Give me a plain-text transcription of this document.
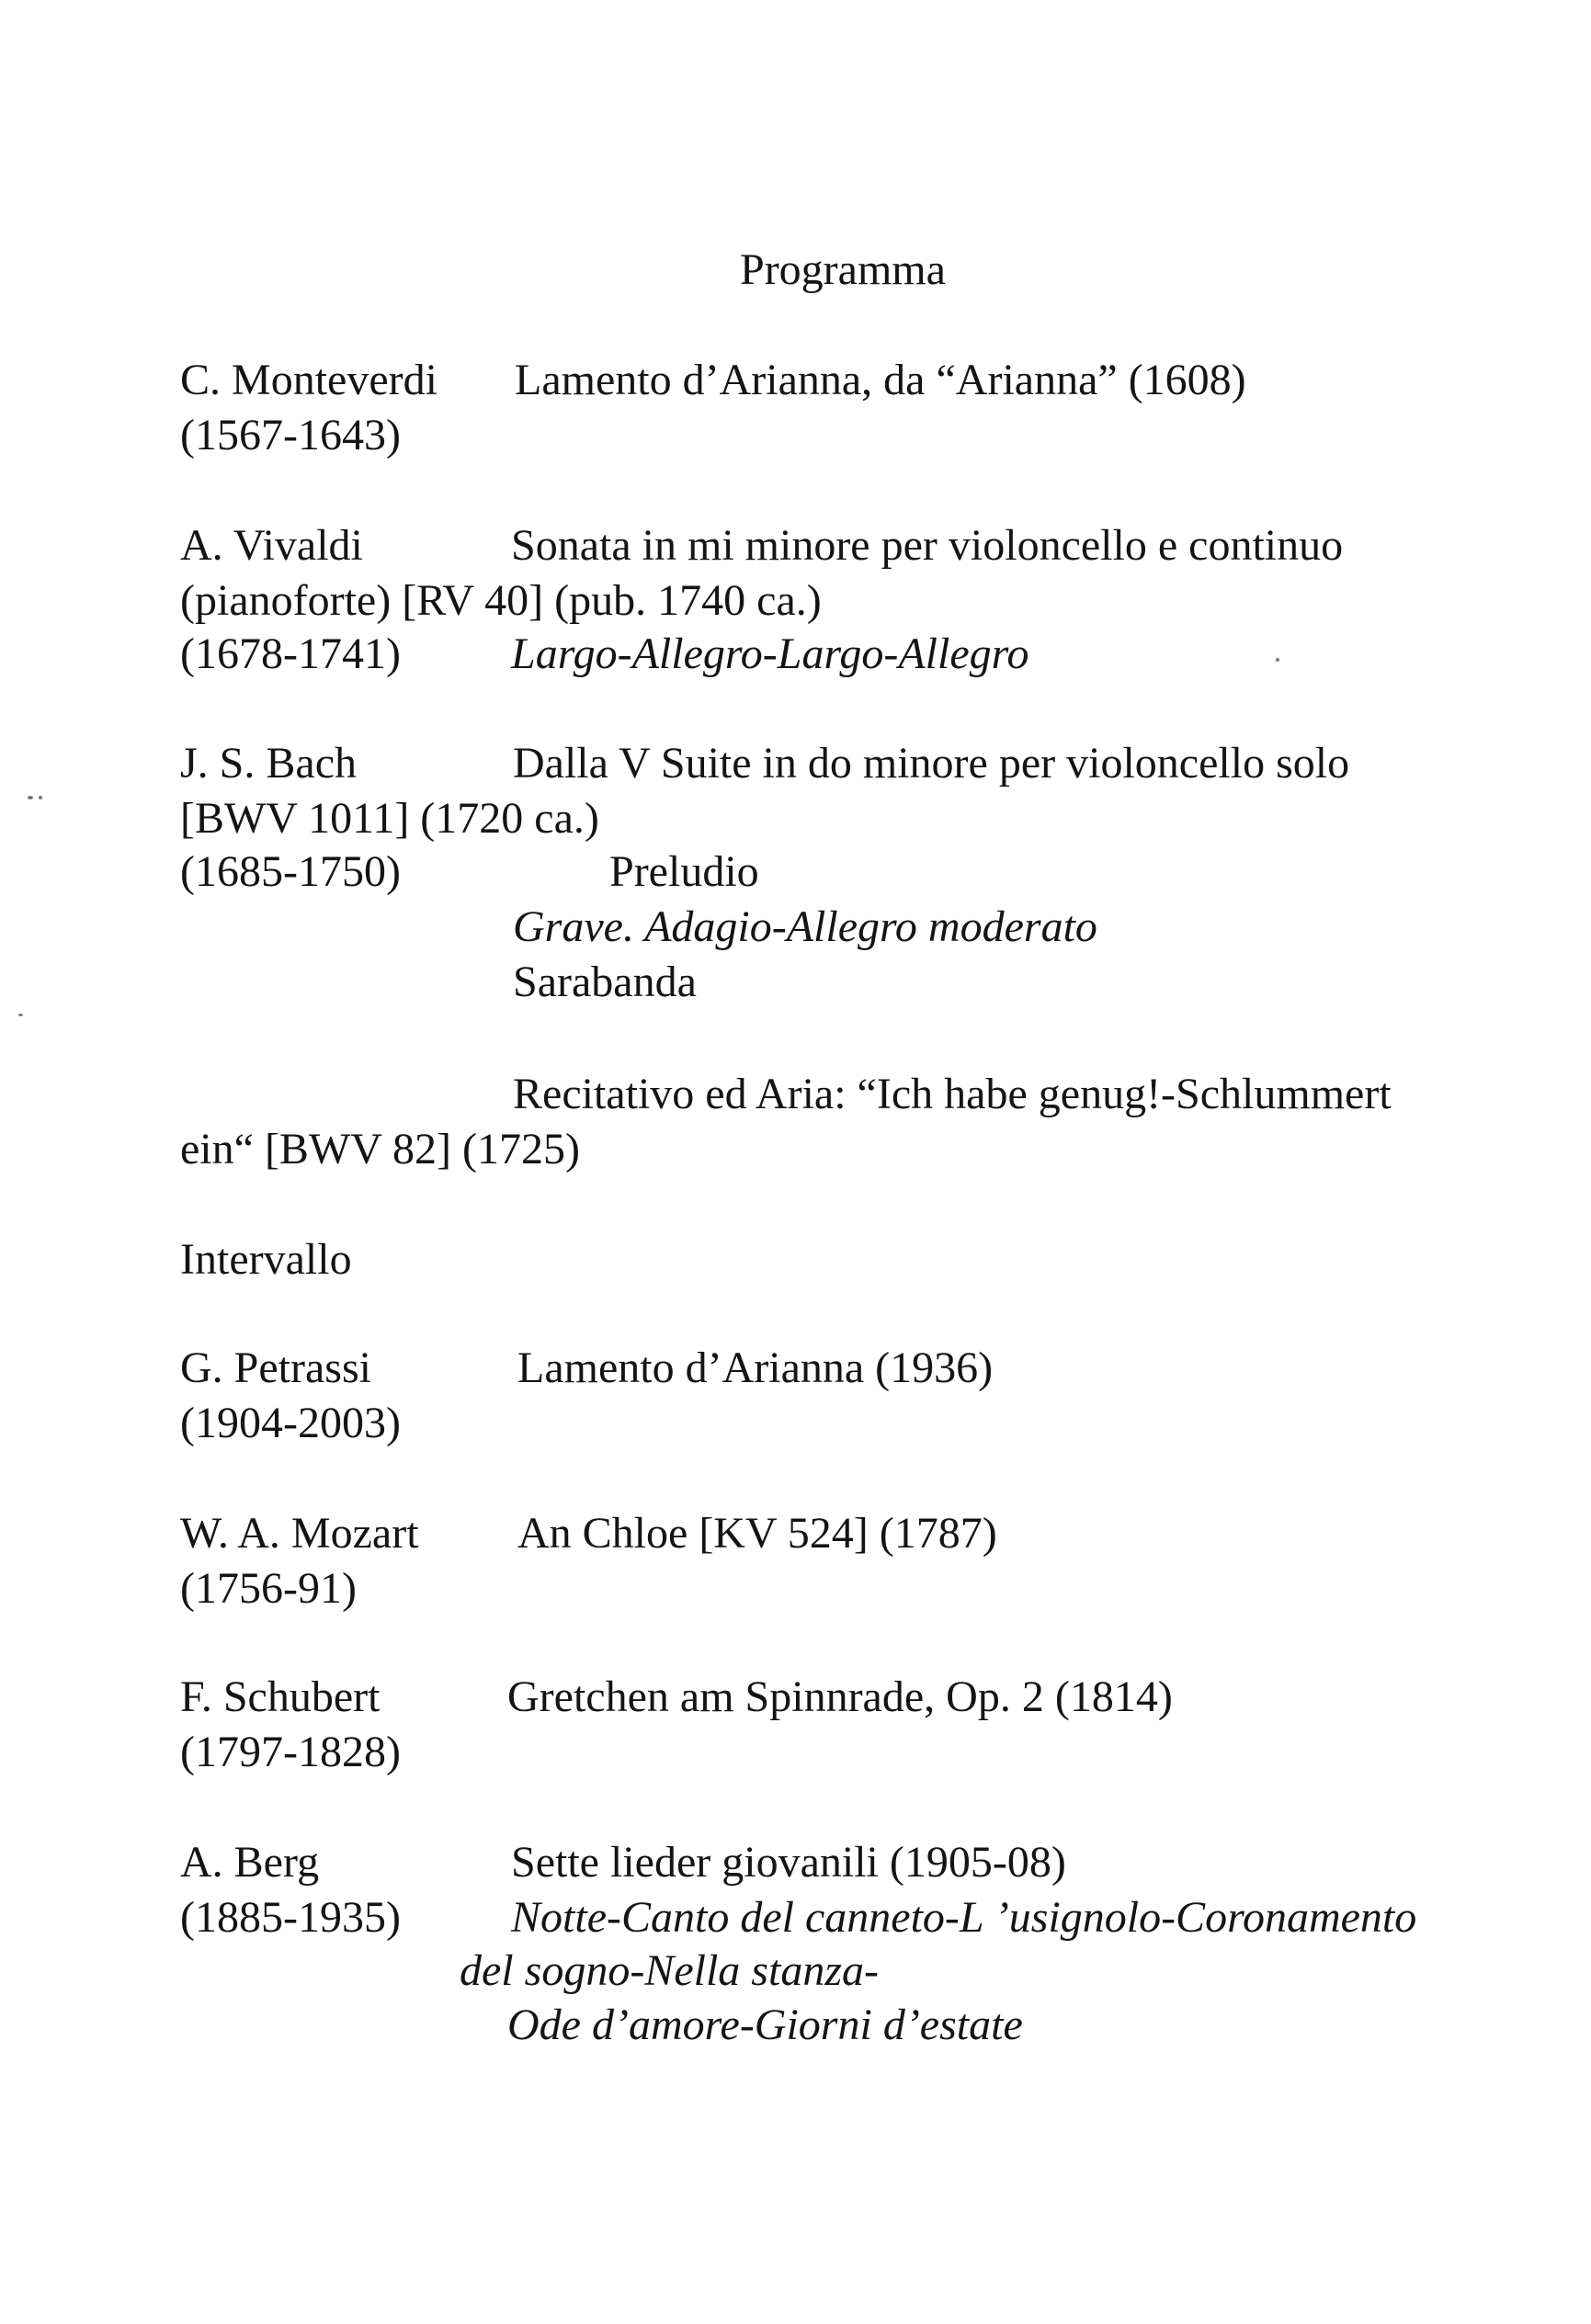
Programma

C. Monteverdi Lamento d’Arianna, da “Arianna” (1608)

(1567-1643)

A. Vivaldi	Sonata in mi minore per violoncello e continuo

(pianoforte) [RV 40] (pub. 1740 ca.)

(1678-1741)	Largo-Allegro-Largo-Allegro

J. S. Bach	Dalla V Suite in do minore per violoncello solo

[BWV 1011] (1720 ca.)

(1685-1750)	Preludio

Grave. Adagio-Allegro moderato

Sarabanda

Recitativo ed Aria: “Ich habe genug!-Schlummert

ein“ [BWV 82] (1725)

Intervallo

G. Petrassi	Lamento d’Arianna (1936)

(1904-2003)

W. A. Mozart An Chloe [KV 524] (1787)

(1756-91)

F. Schubert	Gretchen am Spinnrade, Op. 2 (1814)

(1797-1828)

A. Berg	Sette lieder giovanili (1905-08)

(1885-1935)	Notte-Canto del canneto-L ’usignolo-Coronamento

del sogno-Nella stanza-

Ode d’amore-Giorni d’estate
